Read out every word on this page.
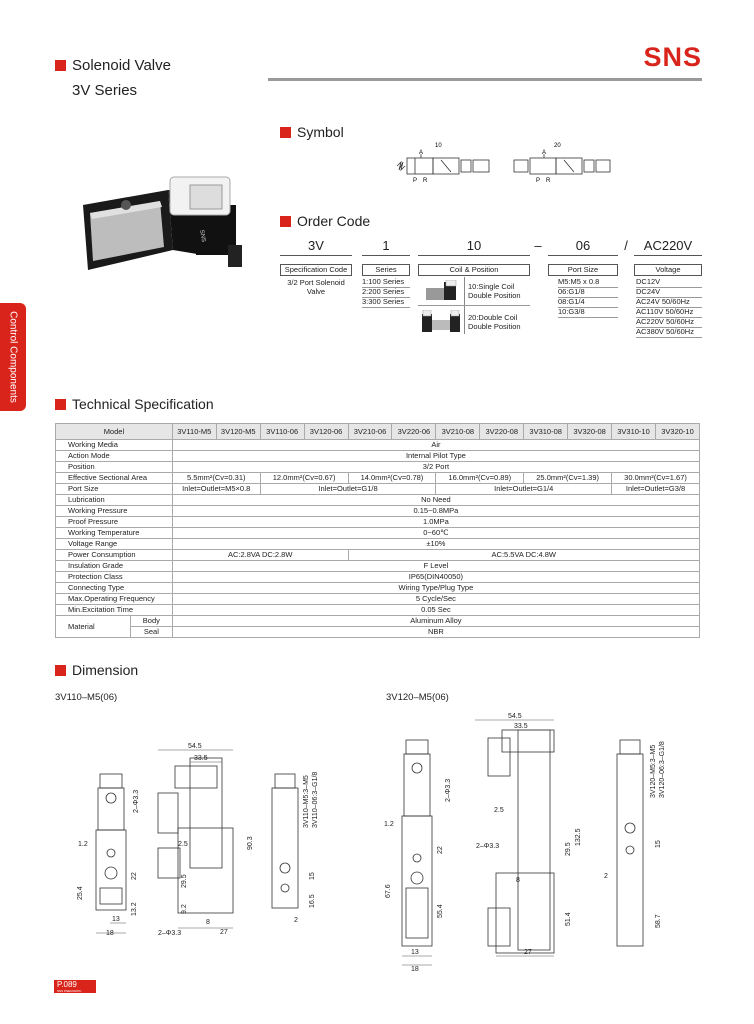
Solenoid Valve
3V Series
SNS
Control Components
SNS
Symbol
10
A
P R
20
A
P R
Order Code
3V	1	10	–	06	/	AC220V
Specification Code
3/2 Port Solenoid
Valve
Series
1:100 Series
2:200 Series
3:300 Series
Coil & Position
10:Single Coil
Double Position
20:Double Coil
Double Position
Port Size
M5:M5 x 0.8
06:G1/8
08:G1/4
10:G3/8
Voltage
DC12V
DC24V
AC24V 50/60Hz
AC110V 50/60Hz
AC220V 50/60Hz
AC380V 50/60Hz
Technical Specification
Model		3V110-M5	3V120-M5	3V110-06	3V120-06	3V210-06	3V220-06	3V210-08	3V220-08	3V310-08	3V320-08	3V310-10	3V320-10
Working Media		Air											
Action Mode		Internal Pilot Type											
Position		3/2 Port											
Effective Sectional Area		5.5mm²(Cv=0.31)		12.0mm²(Cv=0.67)		14.0mm²(Cv=0.78)		16.0mm²(Cv=0.89)		25.0mm²(Cv=1.39)		30.0mm²(Cv=1.67)	
Port Size		Inlet=Outlet=M5×0.8		Inlet=Outlet=G1/8				Inlet=Outlet=G1/4				Inlet=Outlet=G3/8	
Lubrication		No Need											
Working Pressure		0.15~0.8MPa											
Proof Pressure		1.0MPa											
Working Temperature		0~60℃											
Voltage Range		±10%											
Power Consumption		AC:2.8VA DC:2.8W				AC:5.5VA DC:4.8W							
Insulation Grade		F Level											
Protection Class		IP65(DIN40050)											
Connecting Type		Wiring Type/Plug Type											
Max.Operating Frequency		5 Cycle/Sec											
Min.Excitation Time		0.05 Sec											
Material	Body	Aluminum Alloy											
	Seal	NBR											
Dimension
3V110–M5(06)	3V120–M5(06)
54.5
33.5
2–Φ3.3
1.2
22
25.4
13.2
13
18
2.5	90.3
29.5
9.2
8
27
2–Φ3.3
3V110–M5:3–M5 3V110–06:3–G1/8
15
16.5
2
54.5
33.5
2–Φ3.3
1.2
2.5
2–Φ3.3
22	29.5
132.5
8
67.6
55.4
51.4
27
13
18
3V120–M5:3–M5 3V120–06:3–G1/8
15
2
58.7
P.089
SNS PNEUMATIC
